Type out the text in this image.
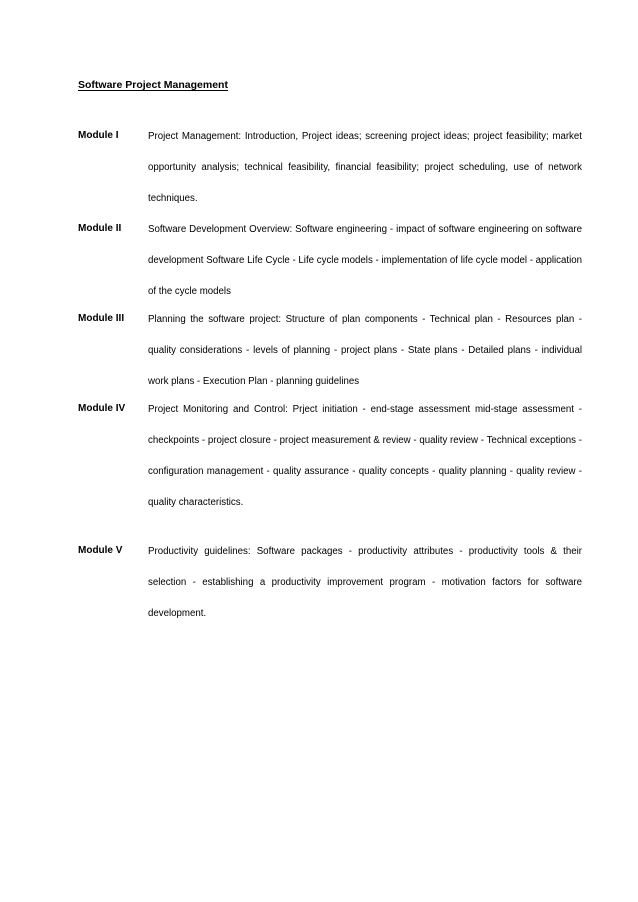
Software Project Management
Module I	Project Management: Introduction, Project ideas; screening project ideas; project feasibility; market opportunity analysis; technical feasibility, financial feasibility; project scheduling, use of network techniques.
Module II	Software Development Overview: Software engineering - impact of software engineering on software development Software Life Cycle - Life cycle models - implementation of life cycle model - application of the cycle models
Module III Planning the software project: Structure of plan components - Technical plan - Resources plan - quality considerations - levels of planning - project plans - State plans - Detailed plans - individual work plans - Execution Plan - planning guidelines
Module IV Project Monitoring and Control: Prject initiation - end-stage assessment mid-stage assessment - checkpoints - project closure - project measurement & review - quality review - Technical exceptions - configuration management - quality assurance - quality concepts - quality planning - quality review - quality characteristics.
Module V	Productivity guidelines: Software packages - productivity attributes - productivity tools & their selection - establishing a productivity improvement program - motivation factors for software development.
